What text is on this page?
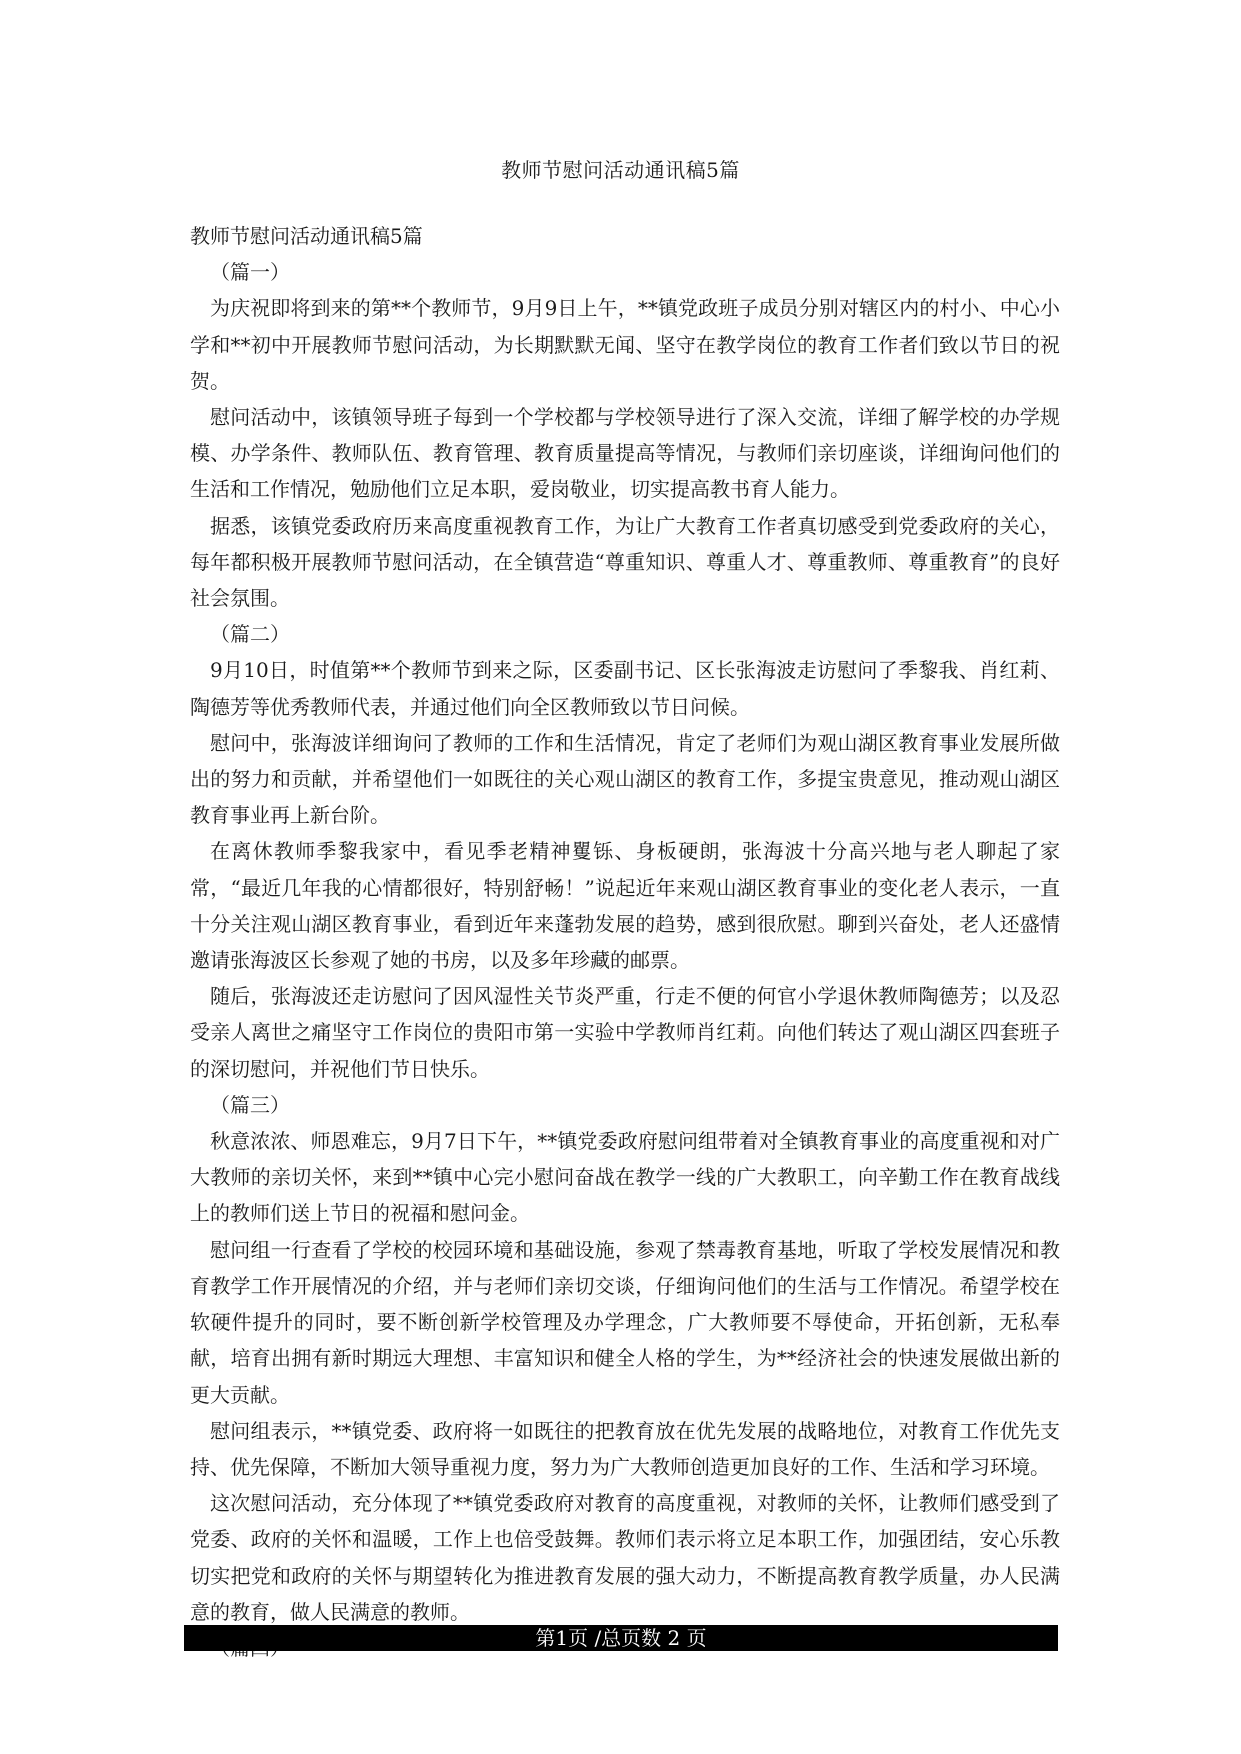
教师节慰问活动通讯稿5篇

教师节慰问活动通讯稿5篇

（篇一）

为庆祝即将到来的第**个教师节，9月9日上午，**镇党政班子成员分别对辖区内的村小、中心小学和**初中开展教师节慰问活动，为长期默默无闻、坚守在教学岗位的教育工作者们致以节日的祝贺。

慰问活动中，该镇领导班子每到一个学校都与学校领导进行了深入交流，详细了解学校的办学规模、办学条件、教师队伍、教育管理、教育质量提高等情况，与教师们亲切座谈，详细询问他们的生活和工作情况，勉励他们立足本职，爱岗敬业，切实提高教书育人能力。

据悉，该镇党委政府历来高度重视教育工作，为让广大教育工作者真切感受到党委政府的关心，每年都积极开展教师节慰问活动，在全镇营造“尊重知识、尊重人才、尊重教师、尊重教育”的良好社会氛围。

（篇二）

9月10日，时值第**个教师节到来之际，区委副书记、区长张海波走访慰问了季黎我、肖红莉、陶德芳等优秀教师代表，并通过他们向全区教师致以节日问候。

慰问中，张海波详细询问了教师的工作和生活情况，肯定了老师们为观山湖区教育事业发展所做出的努力和贡献，并希望他们一如既往的关心观山湖区的教育工作，多提宝贵意见，推动观山湖区教育事业再上新台阶。

在离休教师季黎我家中，看见季老精神矍铄、身板硬朗，张海波十分高兴地与老人聊起了家常，“最近几年我的心情都很好，特别舒畅！”说起近年来观山湖区教育事业的变化老人表示，一直十分关注观山湖区教育事业，看到近年来蓬勃发展的趋势，感到很欣慰。聊到兴奋处，老人还盛情邀请张海波区长参观了她的书房，以及多年珍藏的邮票。

随后，张海波还走访慰问了因风湿性关节炎严重，行走不便的何官小学退休教师陶德芳；以及忍受亲人离世之痛坚守工作岗位的贵阳市第一实验中学教师肖红莉。向他们转达了观山湖区四套班子的深切慰问，并祝他们节日快乐。

（篇三）

秋意浓浓、师恩难忘，9月7日下午，**镇党委政府慰问组带着对全镇教育事业的高度重视和对广大教师的亲切关怀，来到**镇中心完小慰问奋战在教学一线的广大教职工，向辛勤工作在教育战线上的教师们送上节日的祝福和慰问金。

慰问组一行查看了学校的校园环境和基础设施，参观了禁毒教育基地，听取了学校发展情况和教育教学工作开展情况的介绍，并与老师们亲切交谈，仔细询问他们的生活与工作情况。希望学校在软硬件提升的同时，要不断创新学校管理及办学理念，广大教师要不辱使命，开拓创新，无私奉献，培育出拥有新时期远大理想、丰富知识和健全人格的学生，为**经济社会的快速发展做出新的更大贡献。

慰问组表示，**镇党委、政府将一如既往的把教育放在优先发展的战略地位，对教育工作优先支持、优先保障，不断加大领导重视力度，努力为广大教师创造更加良好的工作、生活和学习环境。

这次慰问活动，充分体现了**镇党委政府对教育的高度重视，对教师的关怀，让教师们感受到了党委、政府的关怀和温暖，工作上也倍受鼓舞。教师们表示将立足本职工作，加强团结，安心乐教切实把党和政府的关怀与期望转化为推进教育发展的强大动力，不断提高教育教学质量，办人民满意的教育，做人民满意的教师。

第1页 /总页数 2 页
